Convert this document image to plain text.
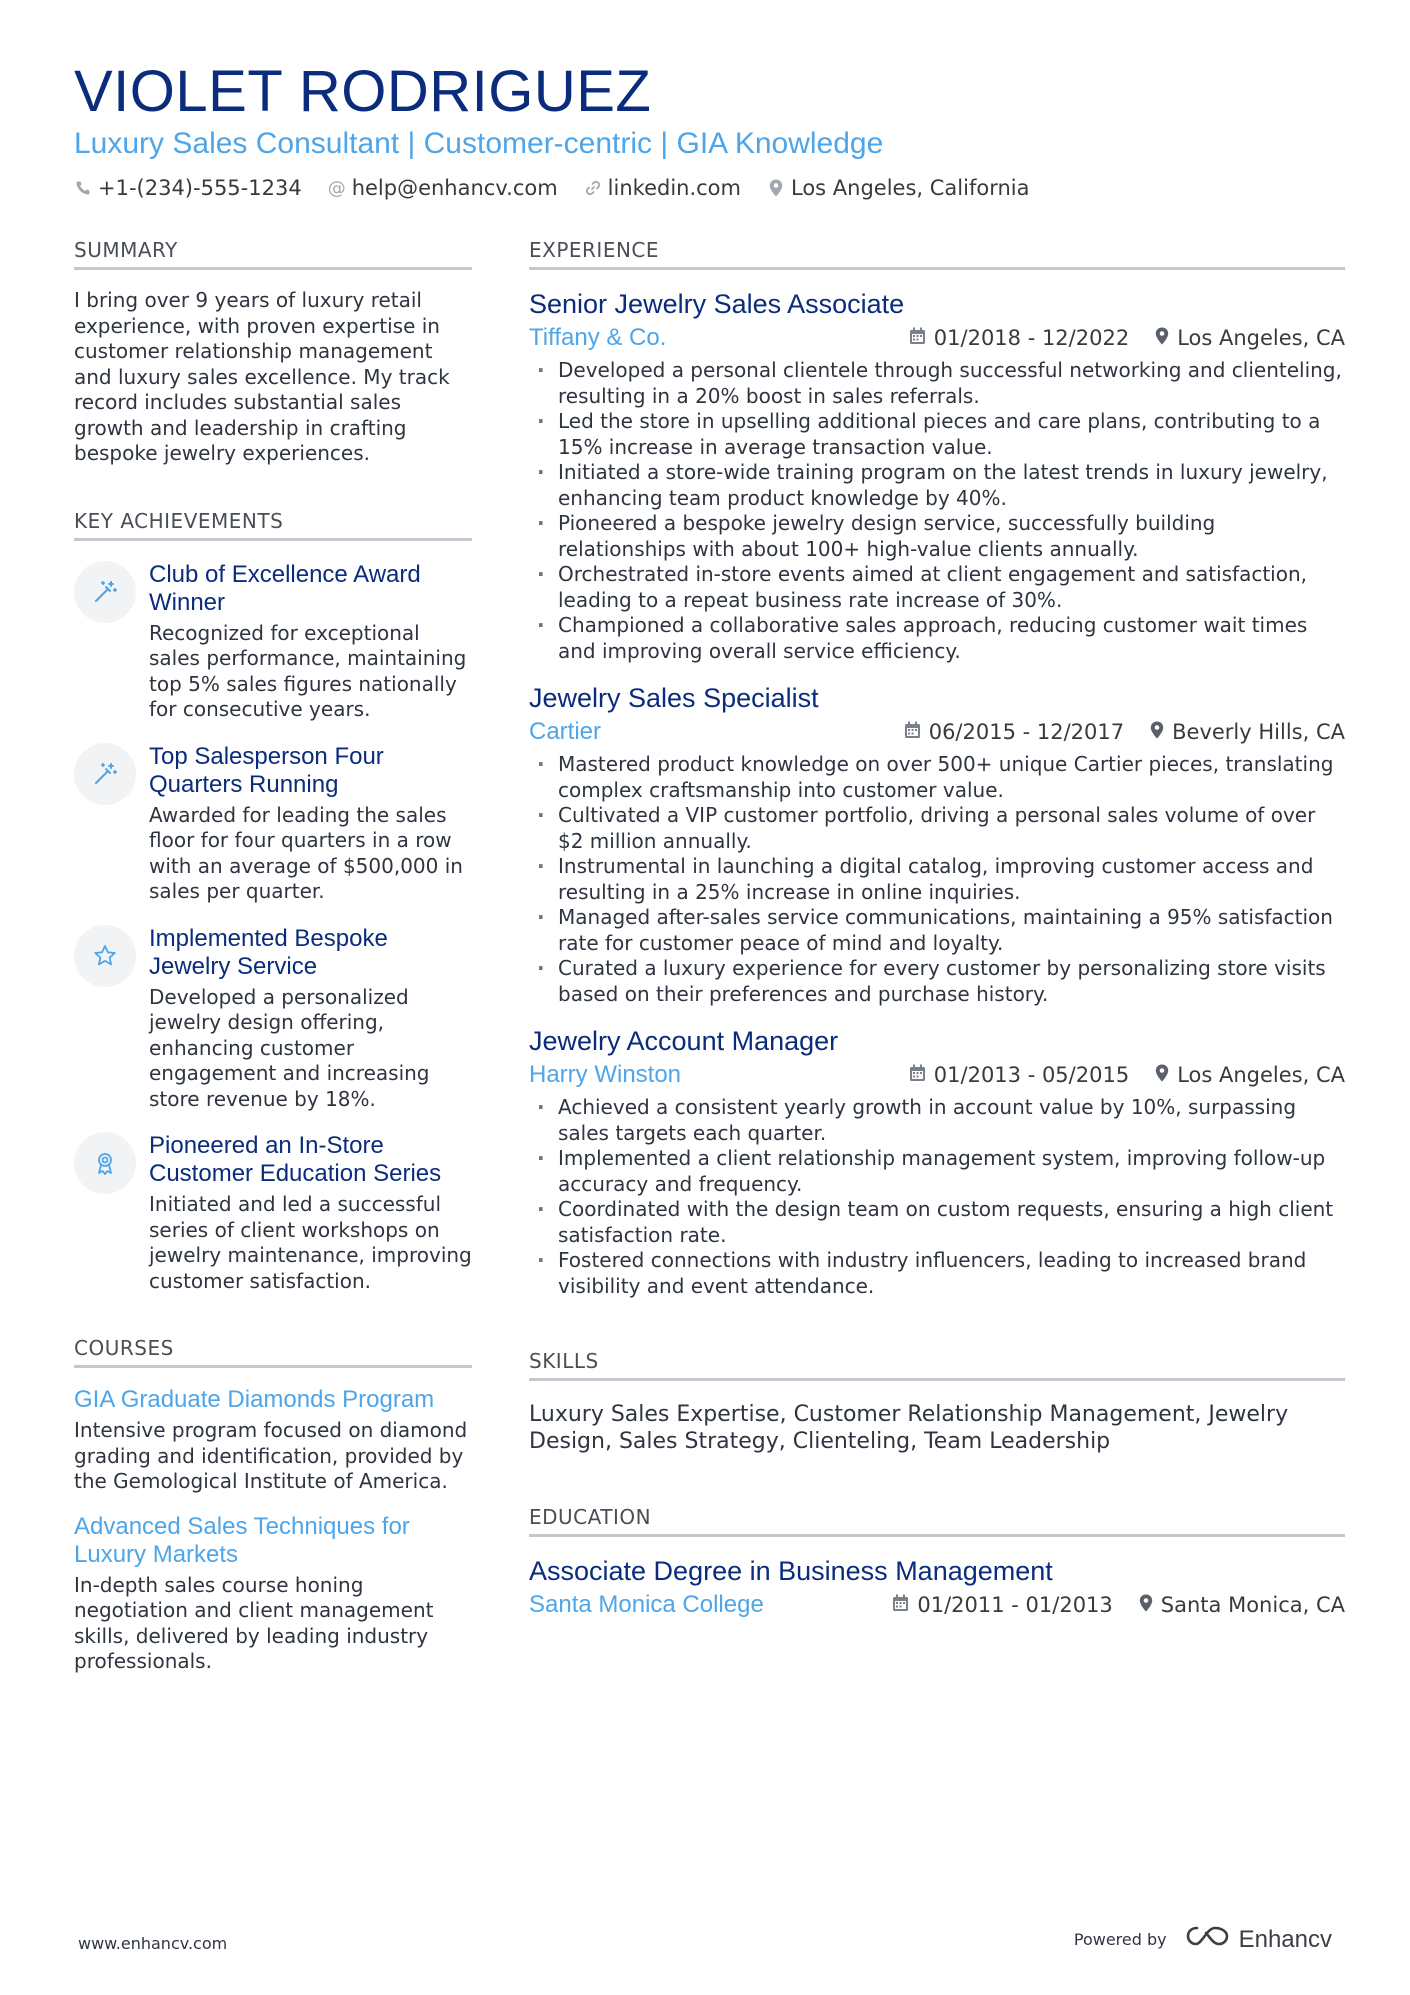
VIOLET RODRIGUEZ
Luxury Sales Consultant | Customer-centric | GIA Knowledge
+1-(234)-555-1234 @ help@enhancv.com linkedin.com Los Angeles, California
SUMMARY
I bring over 9 years of luxury retail experience, with proven expertise in customer relationship management and luxury sales excellence. My track record includes substantial sales growth and leadership in crafting bespoke jewelry experiences.
KEY ACHIEVEMENTS
Club of Excellence Award Winner
Recognized for exceptional sales performance, maintaining top 5% sales figures nationally for consecutive years.
Top Salesperson Four Quarters Running
Awarded for leading the sales floor for four quarters in a row with an average of $500,000 in sales per quarter.
Implemented Bespoke Jewelry Service
Developed a personalized jewelry design offering, enhancing customer engagement and increasing store revenue by 18%.
Pioneered an In-Store Customer Education Series
Initiated and led a successful series of client workshops on jewelry maintenance, improving customer satisfaction.
COURSES
GIA Graduate Diamonds Program
Intensive program focused on diamond grading and identification, provided by the Gemological Institute of America.
Advanced Sales Techniques for Luxury Markets
In-depth sales course honing negotiation and client management skills, delivered by leading industry professionals.
EXPERIENCE
Senior Jewelry Sales Associate
Tiffany & Co.	01/2018 - 12/2022 Los Angeles, CA
· Developed a personal clientele through successful networking and clienteling, resulting in a 20% boost in sales referrals.
· Led the store in upselling additional pieces and care plans, contributing to a 15% increase in average transaction value.
· Initiated a store-wide training program on the latest trends in luxury jewelry, enhancing team product knowledge by 40%.
· Pioneered a bespoke jewelry design service, successfully building relationships with about 100+ high-value clients annually.
· Orchestrated in-store events aimed at client engagement and satisfaction, leading to a repeat business rate increase of 30%.
· Championed a collaborative sales approach, reducing customer wait times and improving overall service efficiency.
Jewelry Sales Specialist
Cartier	06/2015 - 12/2017 Beverly Hills, CA
· Mastered product knowledge on over 500+ unique Cartier pieces, translating complex craftsmanship into customer value.
· Cultivated a VIP customer portfolio, driving a personal sales volume of over $2 million annually.
· Instrumental in launching a digital catalog, improving customer access and resulting in a 25% increase in online inquiries.
· Managed after-sales service communications, maintaining a 95% satisfaction rate for customer peace of mind and loyalty.
· Curated a luxury experience for every customer by personalizing store visits based on their preferences and purchase history.
Jewelry Account Manager
Harry Winston	01/2013 - 05/2015 Los Angeles, CA
· Achieved a consistent yearly growth in account value by 10%, surpassing sales targets each quarter.
· Implemented a client relationship management system, improving follow-up accuracy and frequency.
· Coordinated with the design team on custom requests, ensuring a high client satisfaction rate.
· Fostered connections with industry influencers, leading to increased brand visibility and event attendance.
SKILLS
Luxury Sales Expertise, Customer Relationship Management, Jewelry Design, Sales Strategy, Clienteling, Team Leadership
EDUCATION
Associate Degree in Business Management
Santa Monica College	01/2011 - 01/2013 Santa Monica, CA
www.enhancv.com	Powered by	Enhancv
